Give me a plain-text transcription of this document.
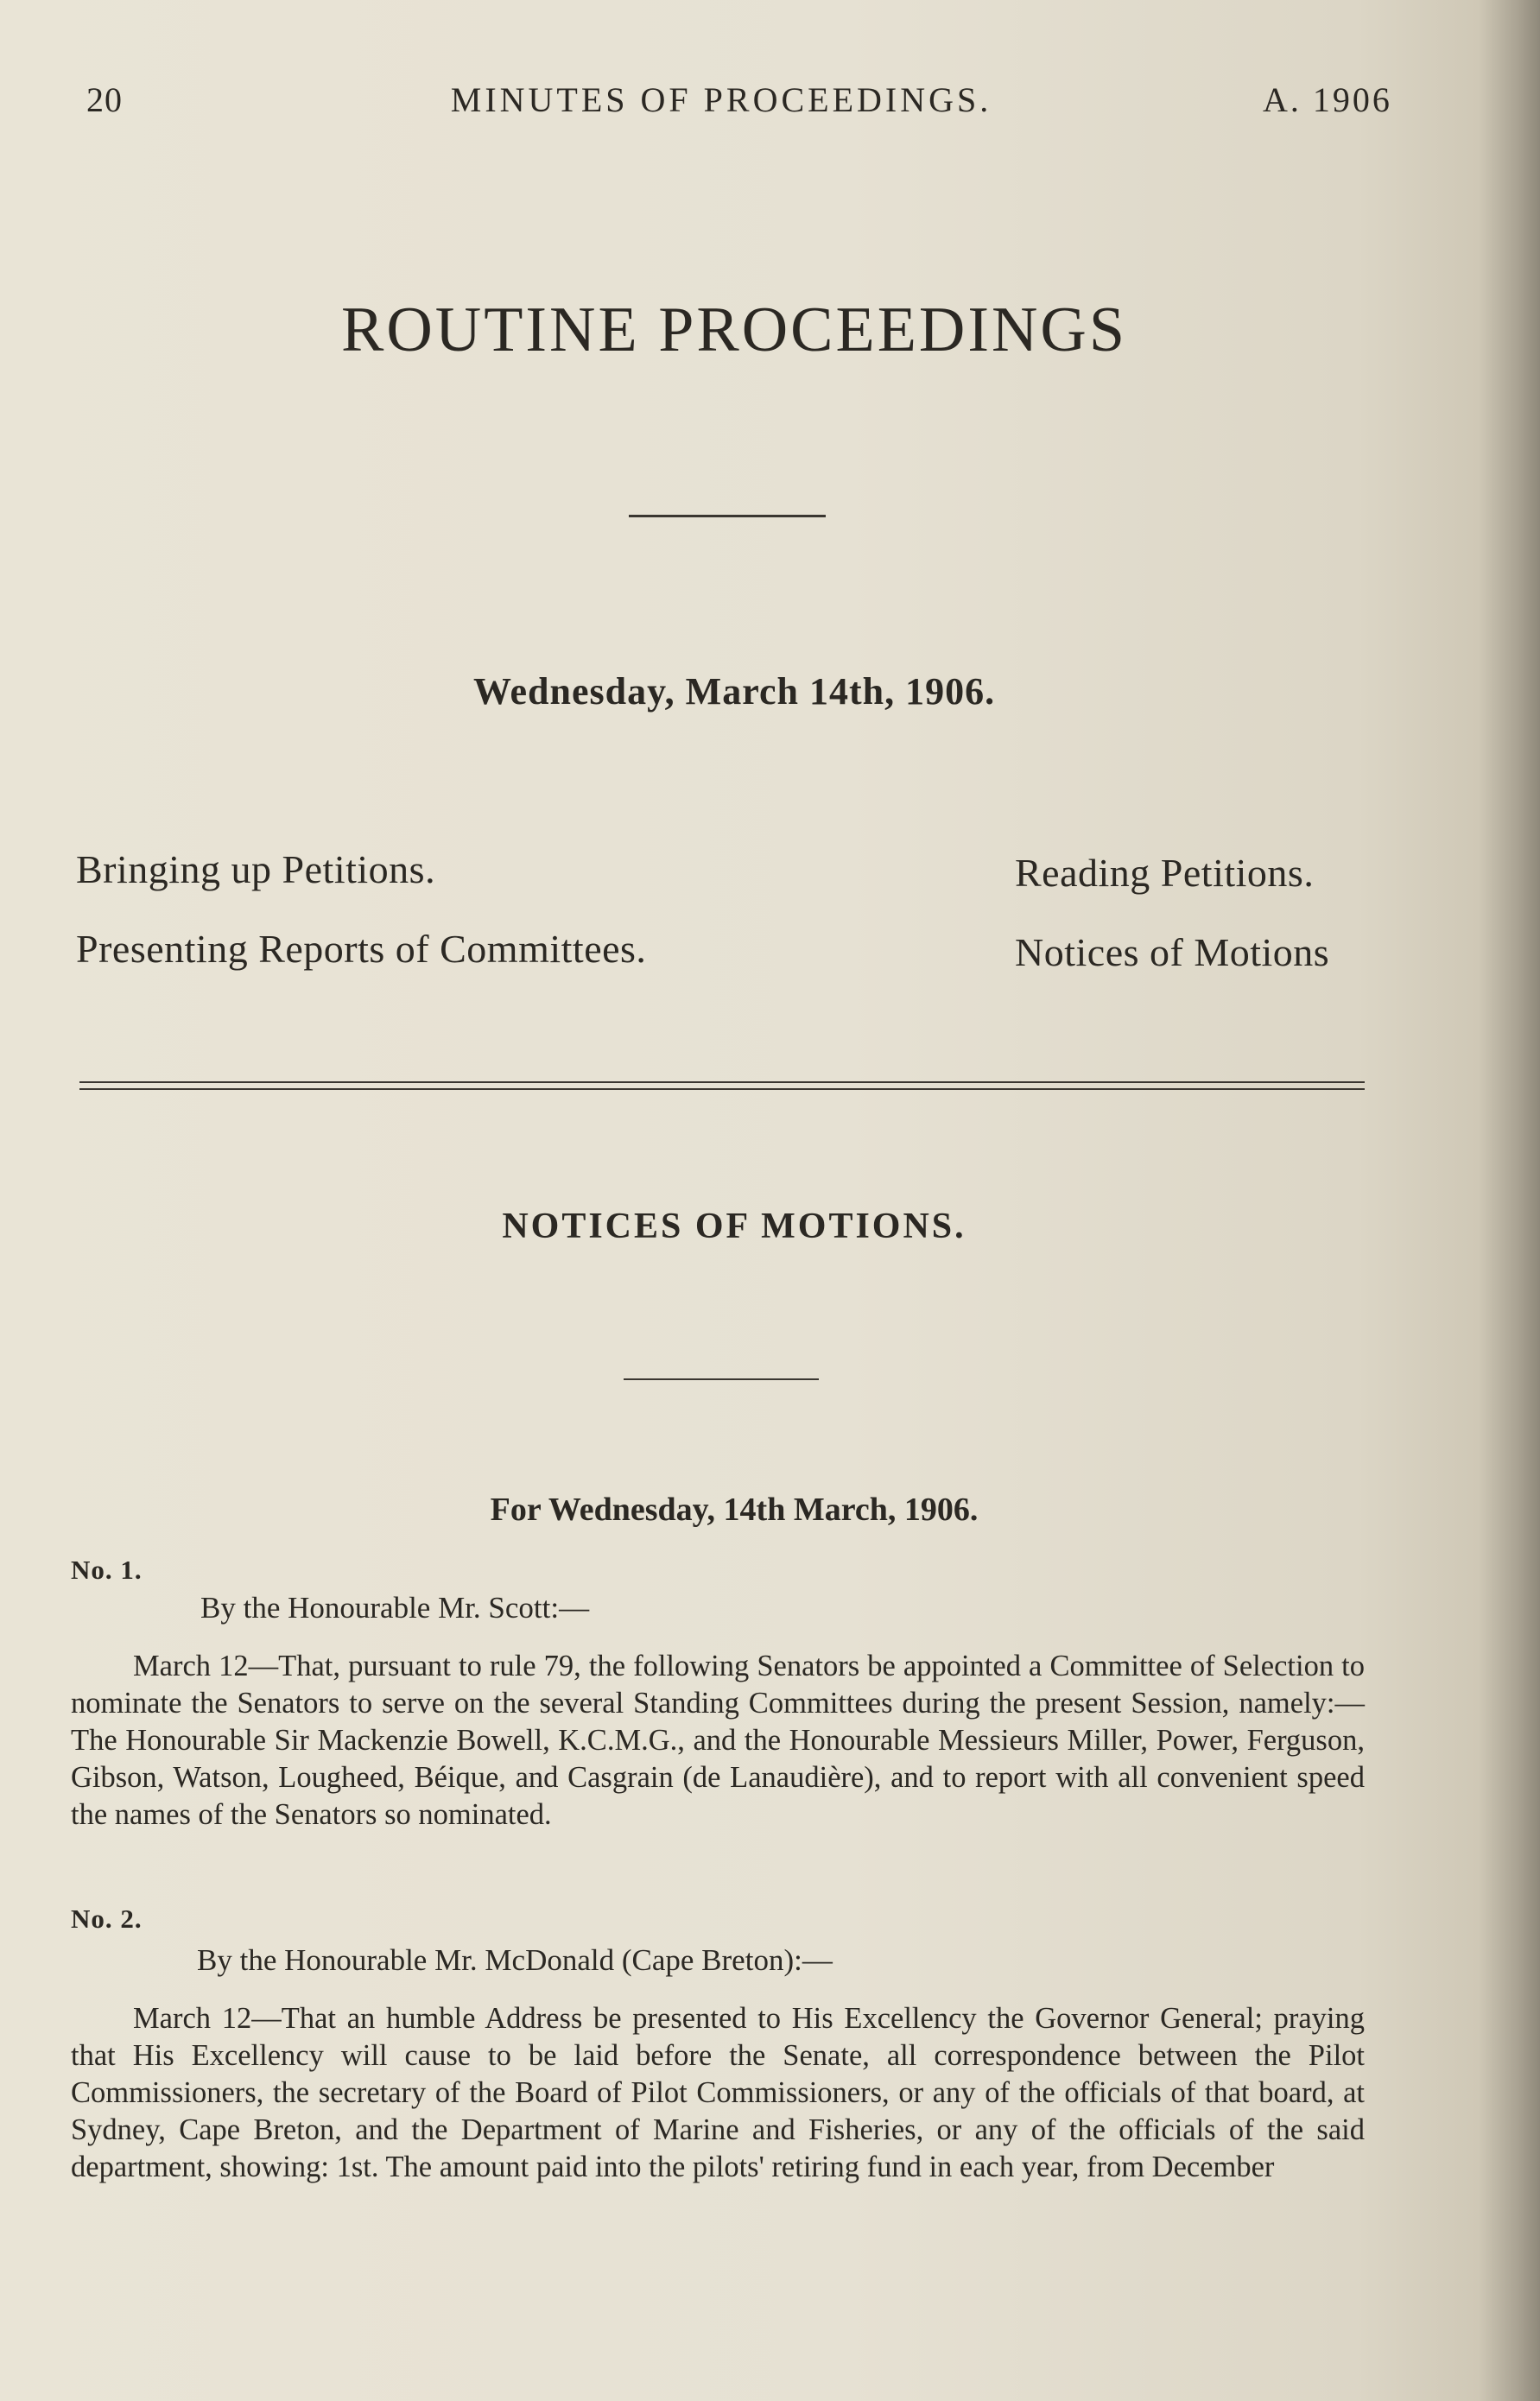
20	MINUTES OF PROCEEDINGS.	A. 1906
ROUTINE PROCEEDINGS
Wednesday, March 14th, 1906.
Bringing up Petitions.
Presenting Reports of Committees.
Reading Petitions.
Notices of Motions
NOTICES OF MOTIONS.
For Wednesday, 14th March, 1906.
No. 1.
By the Honourable Mr. Scott:—
March 12—That, pursuant to rule 79, the following Senators be appointed a Committee of Selection to nominate the Senators to serve on the several Standing Committees during the present Session, namely:—The Honourable Sir Mackenzie Bowell, K.C.M.G., and the Honourable Messieurs Miller, Power, Ferguson, Gibson, Watson, Lougheed, Béique, and Casgrain (de Lanaudière), and to report with all convenient speed the names of the Senators so nominated.
No. 2.
By the Honourable Mr. McDonald (Cape Breton):—
March 12—That an humble Address be presented to His Excellency the Governor General; praying that His Excellency will cause to be laid before the Senate, all correspondence between the Pilot Commissioners, the secretary of the Board of Pilot Commissioners, or any of the officials of that board, at Sydney, Cape Breton, and the Department of Marine and Fisheries, or any of the officials of the said department, showing: 1st. The amount paid into the pilots' retiring fund in each year, from December
